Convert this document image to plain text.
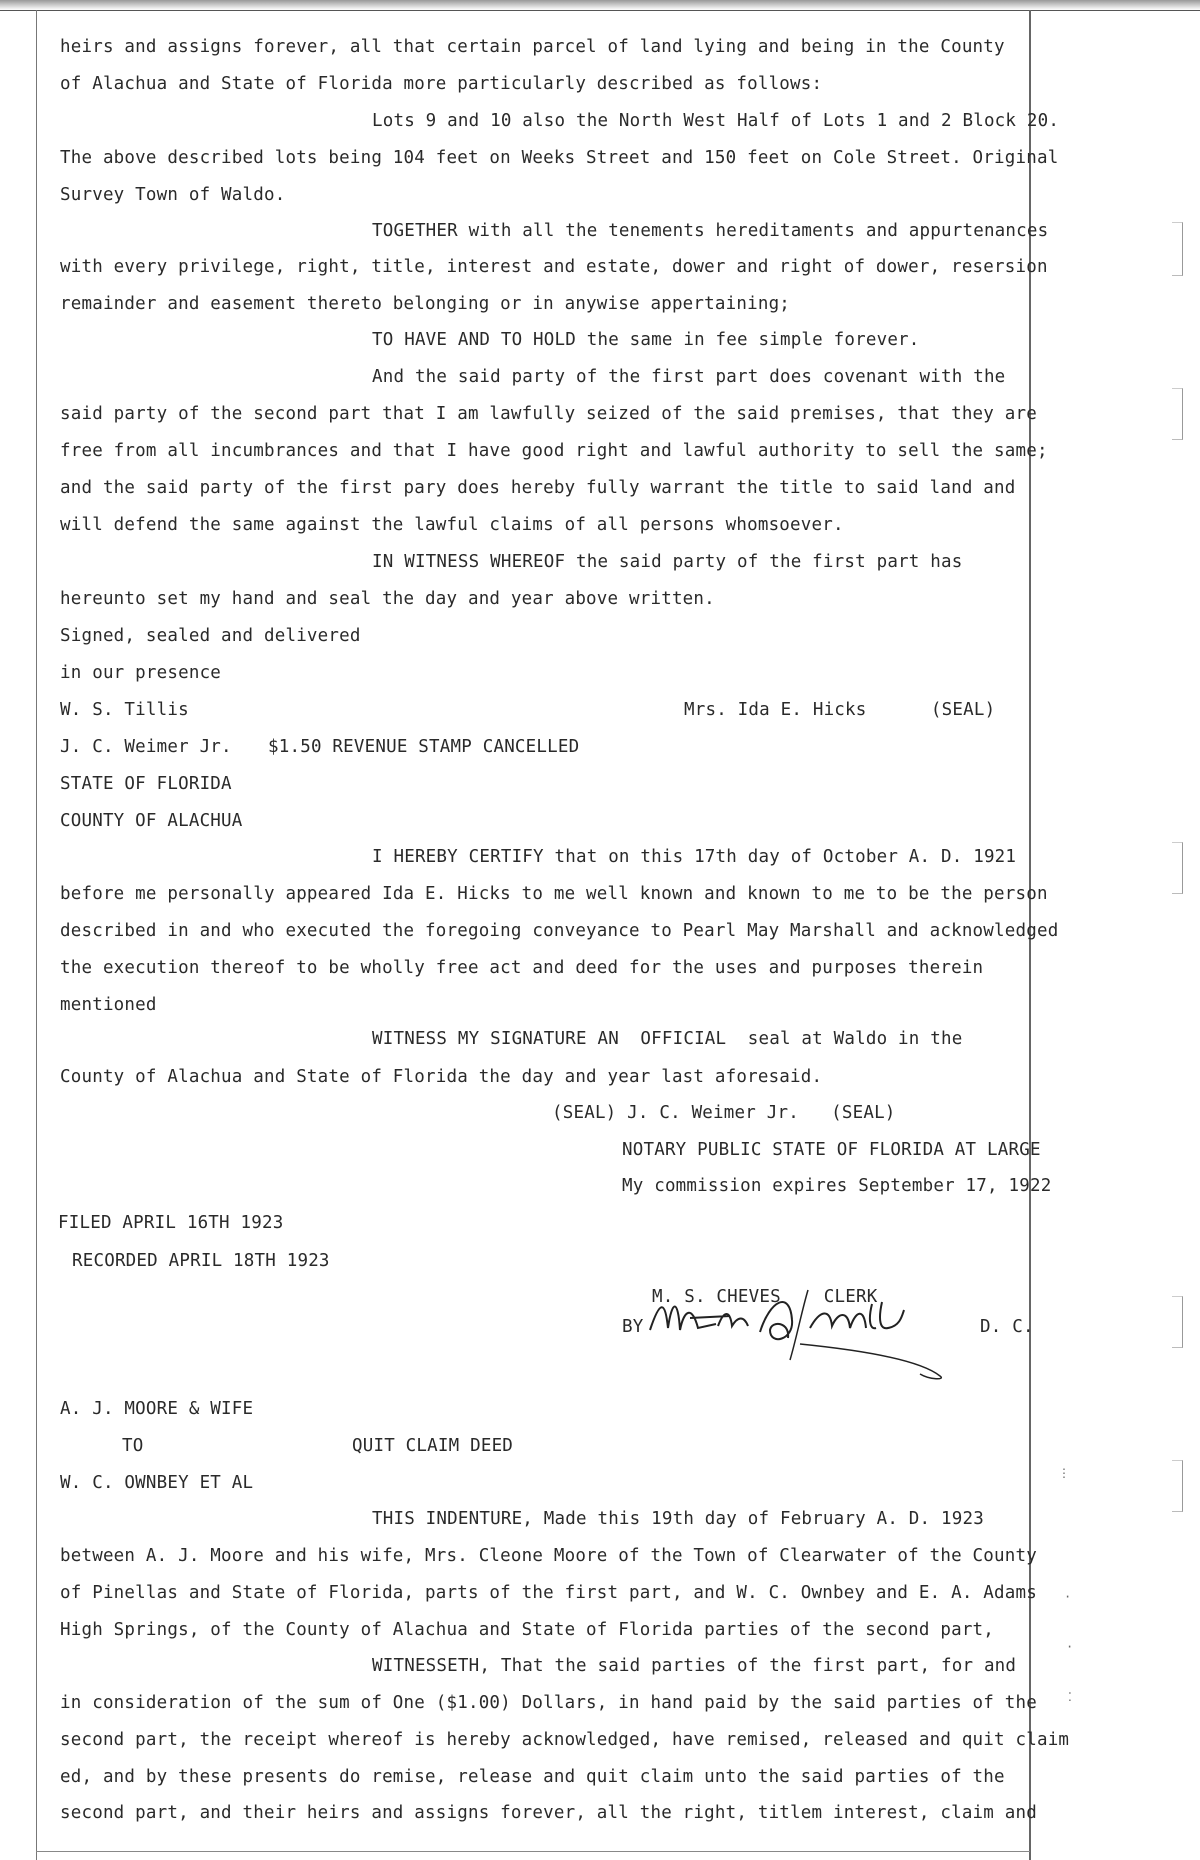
heirs and assigns forever, all that certain parcel of land lying and being in the County
of Alachua and State of Florida more particularly described as follows:
Lots 9 and 10 also the North West Half of Lots 1 and 2 Block 20.
The above described lots being 104 feet on Weeks Street and 150 feet on Cole Street. Original
Survey Town of Waldo.
TOGETHER with all the tenements hereditaments and appurtenances
with every privilege, right, title, interest and estate, dower and right of dower, resersion
remainder and easement thereto belonging or in anywise appertaining;
TO HAVE AND TO HOLD the same in fee simple forever.
And the said party of the first part does covenant with the
said party of the second part that I am lawfully seized of the said premises, that they are
free from all incumbrances and that I have good right and lawful authority to sell the same;
and the said party of the first pary does hereby fully warrant the title to said land and
will defend the same against the lawful claims of all persons whomsoever.
IN WITNESS WHEREOF the said party of the first part has
hereunto set my hand and seal the day and year above written.
Signed, sealed and delivered
in our presence
W. S. Tillis	Mrs. Ida E. Hicks      (SEAL)
J. C. Weimer Jr. $1.50 REVENUE STAMP CANCELLED
STATE OF FLORIDA
COUNTY OF ALACHUA
I HEREBY CERTIFY that on this 17th day of October A. D. 1921
before me personally appeared Ida E. Hicks to me well known and known to me to be the person
described in and who executed the foregoing conveyance to Pearl May Marshall and acknowledged
the execution thereof to be wholly free act and deed for the uses and purposes therein
mentioned
WITNESS MY SIGNATURE AN  OFFICIAL  seal at Waldo in the
County of Alachua and State of Florida the day and year last aforesaid.
(SEAL) J. C. Weimer Jr.   (SEAL)
NOTARY PUBLIC STATE OF FLORIDA AT LARGE
My commission expires September 17, 1922
FILED APRIL 16TH 1923
RECORDED APRIL 18TH 1923
M. S. CHEVES    CLERK
BY	D. C.
A. J. MOORE & WIFE
TO	QUIT CLAIM DEED
W. C. OWNBEY ET AL
THIS INDENTURE, Made this 19th day of February A. D. 1923
between A. J. Moore and his wife, Mrs. Cleone Moore of the Town of Clearwater of the County
of Pinellas and State of Florida, parts of the first part, and W. C. Ownbey and E. A. Adams
High Springs, of the County of Alachua and State of Florida parties of the second part,
WITNESSETH, That the said parties of the first part, for and
in consideration of the sum of One ($1.00) Dollars, in hand paid by the said parties of the
second part, the receipt whereof is hereby acknowledged, have remised, released and quit claim
ed, and by these presents do remise, release and quit claim unto the said parties of the
second part, and their heirs and assigns forever, all the right, titlem interest, claim and
⋮
·
·
⁚
